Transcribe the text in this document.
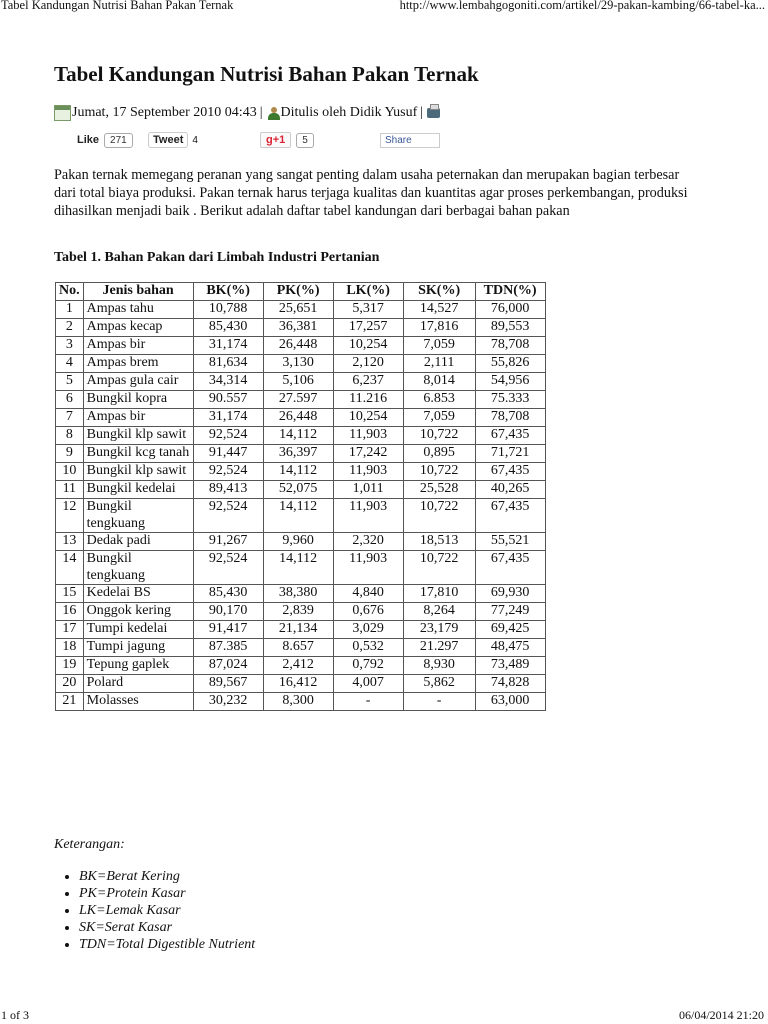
Tabel Kandungan Nutrisi Bahan Pakan Ternak	http://www.lembahgogoniti.com/artikel/29-pakan-kambing/66-tabel-ka...
Tabel Kandungan Nutrisi Bahan Pakan Ternak
Jumat, 17 September 2010 04:43 | Ditulis oleh Didik Yusuf |
Like	271	Tweet 4	g+1	5	Share

Pakan ternak memegang peranan yang sangat penting dalam usaha peternakan dan merupakan bagian terbesar dari total biaya produksi. Pakan ternak harus terjaga kualitas dan kuantitas agar proses perkembangan, produksi dihasilkan menjadi baik . Berikut adalah daftar tabel kandungan dari berbagai bahan pakan

Tabel 1. Bahan Pakan dari Limbah Industri Pertanian
No.	Jenis bahan	BK(%)	PK(%)	LK(%)	SK(%)	TDN(%)
1	Ampas tahu	10,788	25,651	5,317	14,527	76,000
2	Ampas kecap	85,430	36,381	17,257	17,816	89,553
3	Ampas bir	31,174	26,448	10,254	7,059	78,708
4	Ampas brem	81,634	3,130	2,120	2,111	55,826
5	Ampas gula cair	34,314	5,106	6,237	8,014	54,956
6	Bungkil kopra	90.557	27.597	11.216	6.853	75.333
7	Ampas bir	31,174	26,448	10,254	7,059	78,708
8	Bungkil klp sawit	92,524	14,112	11,903	10,722	67,435
9	Bungkil kcg tanah	91,447	36,397	17,242	0,895	71,721
10	Bungkil klp sawit	92,524	14,112	11,903	10,722	67,435
11	Bungkil kedelai	89,413	52,075	1,011	25,528	40,265
12	Bungkil tengkuang	92,524	14,112	11,903	10,722	67,435
13	Dedak padi	91,267	9,960	2,320	18,513	55,521
14	Bungkil tengkuang	92,524	14,112	11,903	10,722	67,435
15	Kedelai BS	85,430	38,380	4,840	17,810	69,930
16	Onggok kering	90,170	2,839	0,676	8,264	77,249
17	Tumpi kedelai	91,417	21,134	3,029	23,179	69,425
18	Tumpi jagung	87.385	8.657	0,532	21.297	48,475
19	Tepung gaplek	87,024	2,412	0,792	8,930	73,489
20	Polard	89,567	16,412	4,007	5,862	74,828
21	Molasses	30,232	8,300	-	-	63,000
Keterangan:
• BK=Berat Kering
• PK=Protein Kasar
• LK=Lemak Kasar
• SK=Serat Kasar
• TDN=Total Digestible Nutrient
1 of 3	06/04/2014 21:20
